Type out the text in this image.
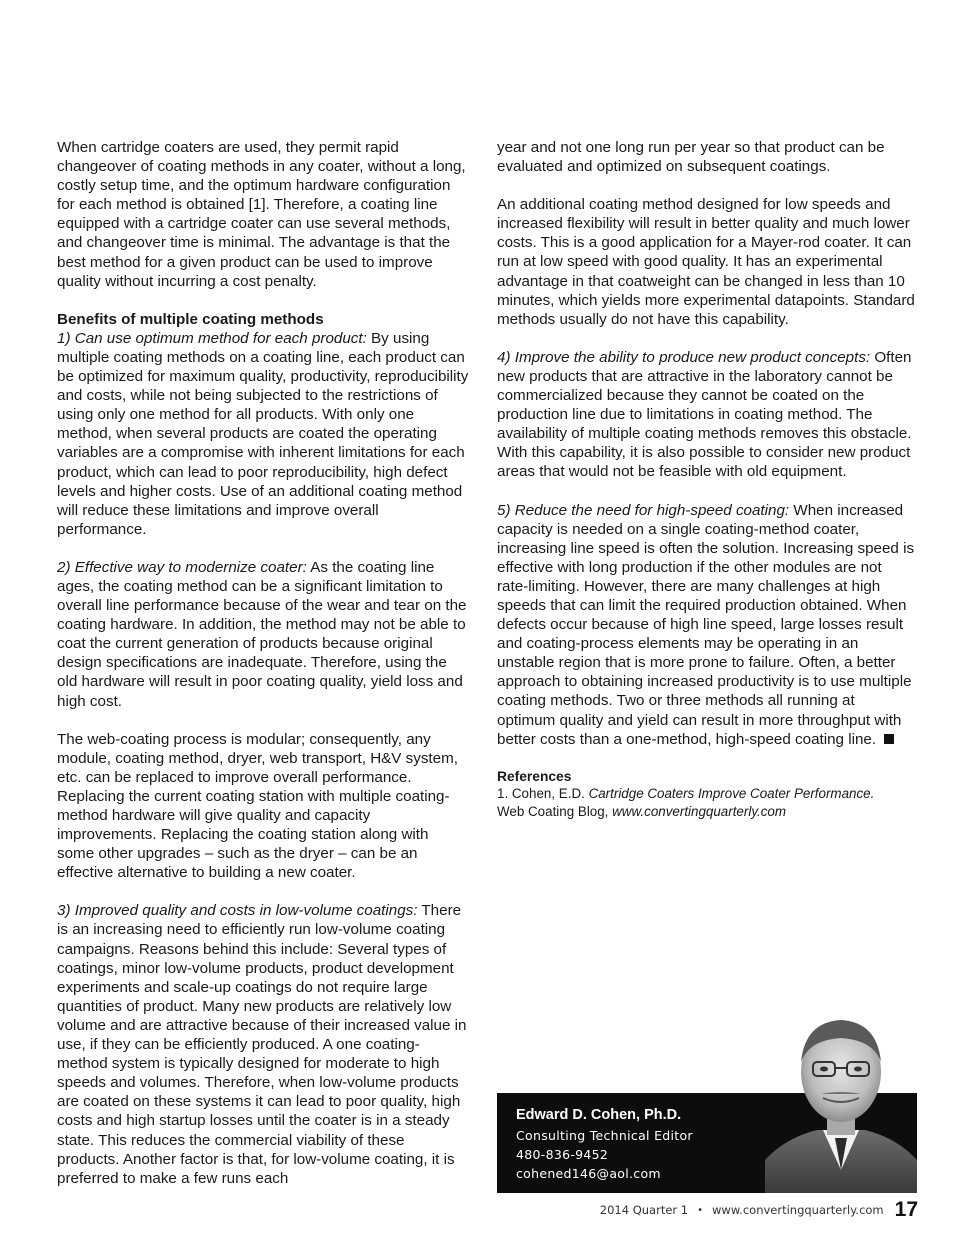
When cartridge coaters are used, they permit rapid changeover of coating methods in any coater, without a long, costly setup time, and the optimum hardware configuration for each method is obtained [1]. Therefore, a coating line equipped with a cartridge coater can use several methods, and changeover time is minimal. The advantage is that the best method for a given product can be used to improve quality without incurring a cost penalty.

Benefits of multiple coating methods
1) Can use optimum method for each product: By using multiple coating methods on a coating line, each product can be optimized for maximum quality, productivity, reproducibility and costs, while not being subjected to the restrictions of using only one method for all products. With only one method, when several products are coated the operating variables are a compromise with inherent limitations for each product, which can lead to poor reproducibility, high defect levels and higher costs. Use of an additional coating method will reduce these limitations and improve overall performance.

2) Effective way to modernize coater: As the coating line ages, the coating method can be a significant limitation to overall line performance because of the wear and tear on the coating hardware. In addition, the method may not be able to coat the current generation of products because original design specifications are inadequate. Therefore, using the old hardware will result in poor coating quality, yield loss and high cost.

The web-coating process is modular; consequently, any module, coating method, dryer, web transport, H&V system, etc. can be replaced to improve overall performance. Replacing the current coating station with multiple coating-method hardware will give quality and capacity improvements. Replacing the coating station along with some other upgrades – such as the dryer – can be an effective alternative to building a new coater.

3) Improved quality and costs in low-volume coatings: There is an increasing need to efficiently run low-volume coating campaigns. Reasons behind this include: Several types of coatings, minor low-volume products, product development experiments and scale-up coatings do not require large quantities of product. Many new products are relatively low volume and are attractive because of their increased value in use, if they can be efficiently produced. A one coating-method system is typically designed for moderate to high speeds and volumes. Therefore, when low-volume products are coated on these systems it can lead to poor quality, high costs and high startup losses until the coater is in a steady state. This reduces the commercial viability of these products. Another factor is that, for low-volume coating, it is preferred to make a few runs each

year and not one long run per year so that product can be evaluated and optimized on subsequent coatings.

An additional coating method designed for low speeds and increased flexibility will result in better quality and much lower costs. This is a good application for a Mayer-rod coater. It can run at low speed with good quality. It has an experimental advantage in that coatweight can be changed in less than 10 minutes, which yields more experimental datapoints. Standard methods usually do not have this capability.

4) Improve the ability to produce new product concepts: Often new products that are attractive in the laboratory cannot be commercialized because they cannot be coated on the production line due to limitations in coating method. The availability of multiple coating methods removes this obstacle. With this capability, it is also possible to consider new product areas that would not be feasible with old equipment.

5) Reduce the need for high-speed coating: When increased capacity is needed on a single coating-method coater, increasing line speed is often the solution. Increasing speed is effective with long production if the other modules are not rate-limiting. However, there are many challenges at high speeds that can limit the required production obtained. When defects occur because of high line speed, large losses result and coating-process elements may be operating in an unstable region that is more prone to failure. Often, a better approach to obtaining increased productivity is to use multiple coating methods. Two or three methods all running at optimum quality and yield can result in more throughput with better costs than a one-method, high-speed coating line.

References
1. Cohen, E.D. Cartridge Coaters Improve Coater Performance.
Web Coating Blog, www.convertingquarterly.com
Edward D. Cohen, Ph.D.
Consulting Technical Editor
480-836-9452
cohened146@aol.com
2014 Quarter 1 • www.convertingquarterly.com 17
